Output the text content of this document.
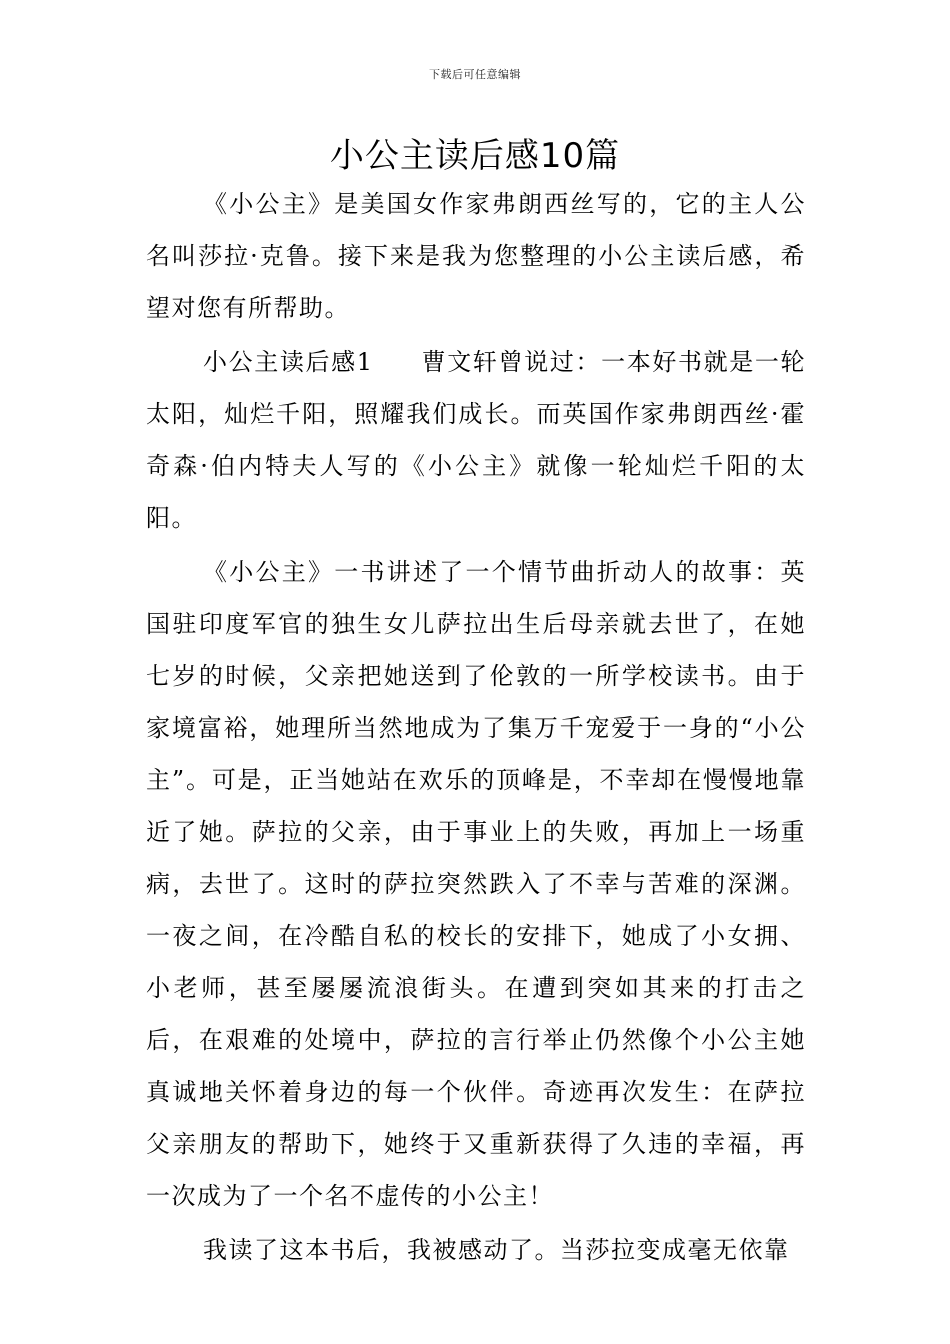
下载后可任意编辑
小公主读后感10篇

《小公主》是美国女作家弗朗西丝写的，它的主人公名叫莎拉·克鲁。接下来是我为您整理的小公主读后感，希望对您有所帮助。

小公主读后感1 曹文轩曾说过：一本好书就是一轮太阳，灿烂千阳，照耀我们成长。而英国作家弗朗西丝·霍奇森·伯内特夫人写的《小公主》就像一轮灿烂千阳的太阳。

《小公主》一书讲述了一个情节曲折动人的故事：英国驻印度军官的独生女儿萨拉出生后母亲就去世了，在她七岁的时候，父亲把她送到了伦敦的一所学校读书。由于家境富裕，她理所当然地成为了集万千宠爱于一身的“小公主”。可是，正当她站在欢乐的顶峰是，不幸却在慢慢地靠近了她。萨拉的父亲，由于事业上的失败，再加上一场重病，去世了。这时的萨拉突然跌入了不幸与苦难的深渊。一夜之间，在冷酷自私的校长的安排下，她成了小女拥、小老师，甚至屡屡流浪街头。在遭到突如其来的打击之后，在艰难的处境中，萨拉的言行举止仍然像个小公主她真诚地关怀着身边的每一个伙伴。奇迹再次发生：在萨拉父亲朋友的帮助下，她终于又重新获得了久违的幸福，再一次成为了一个名不虚传的小公主！

我读了这本书后，我被感动了。当莎拉变成毫无依靠
